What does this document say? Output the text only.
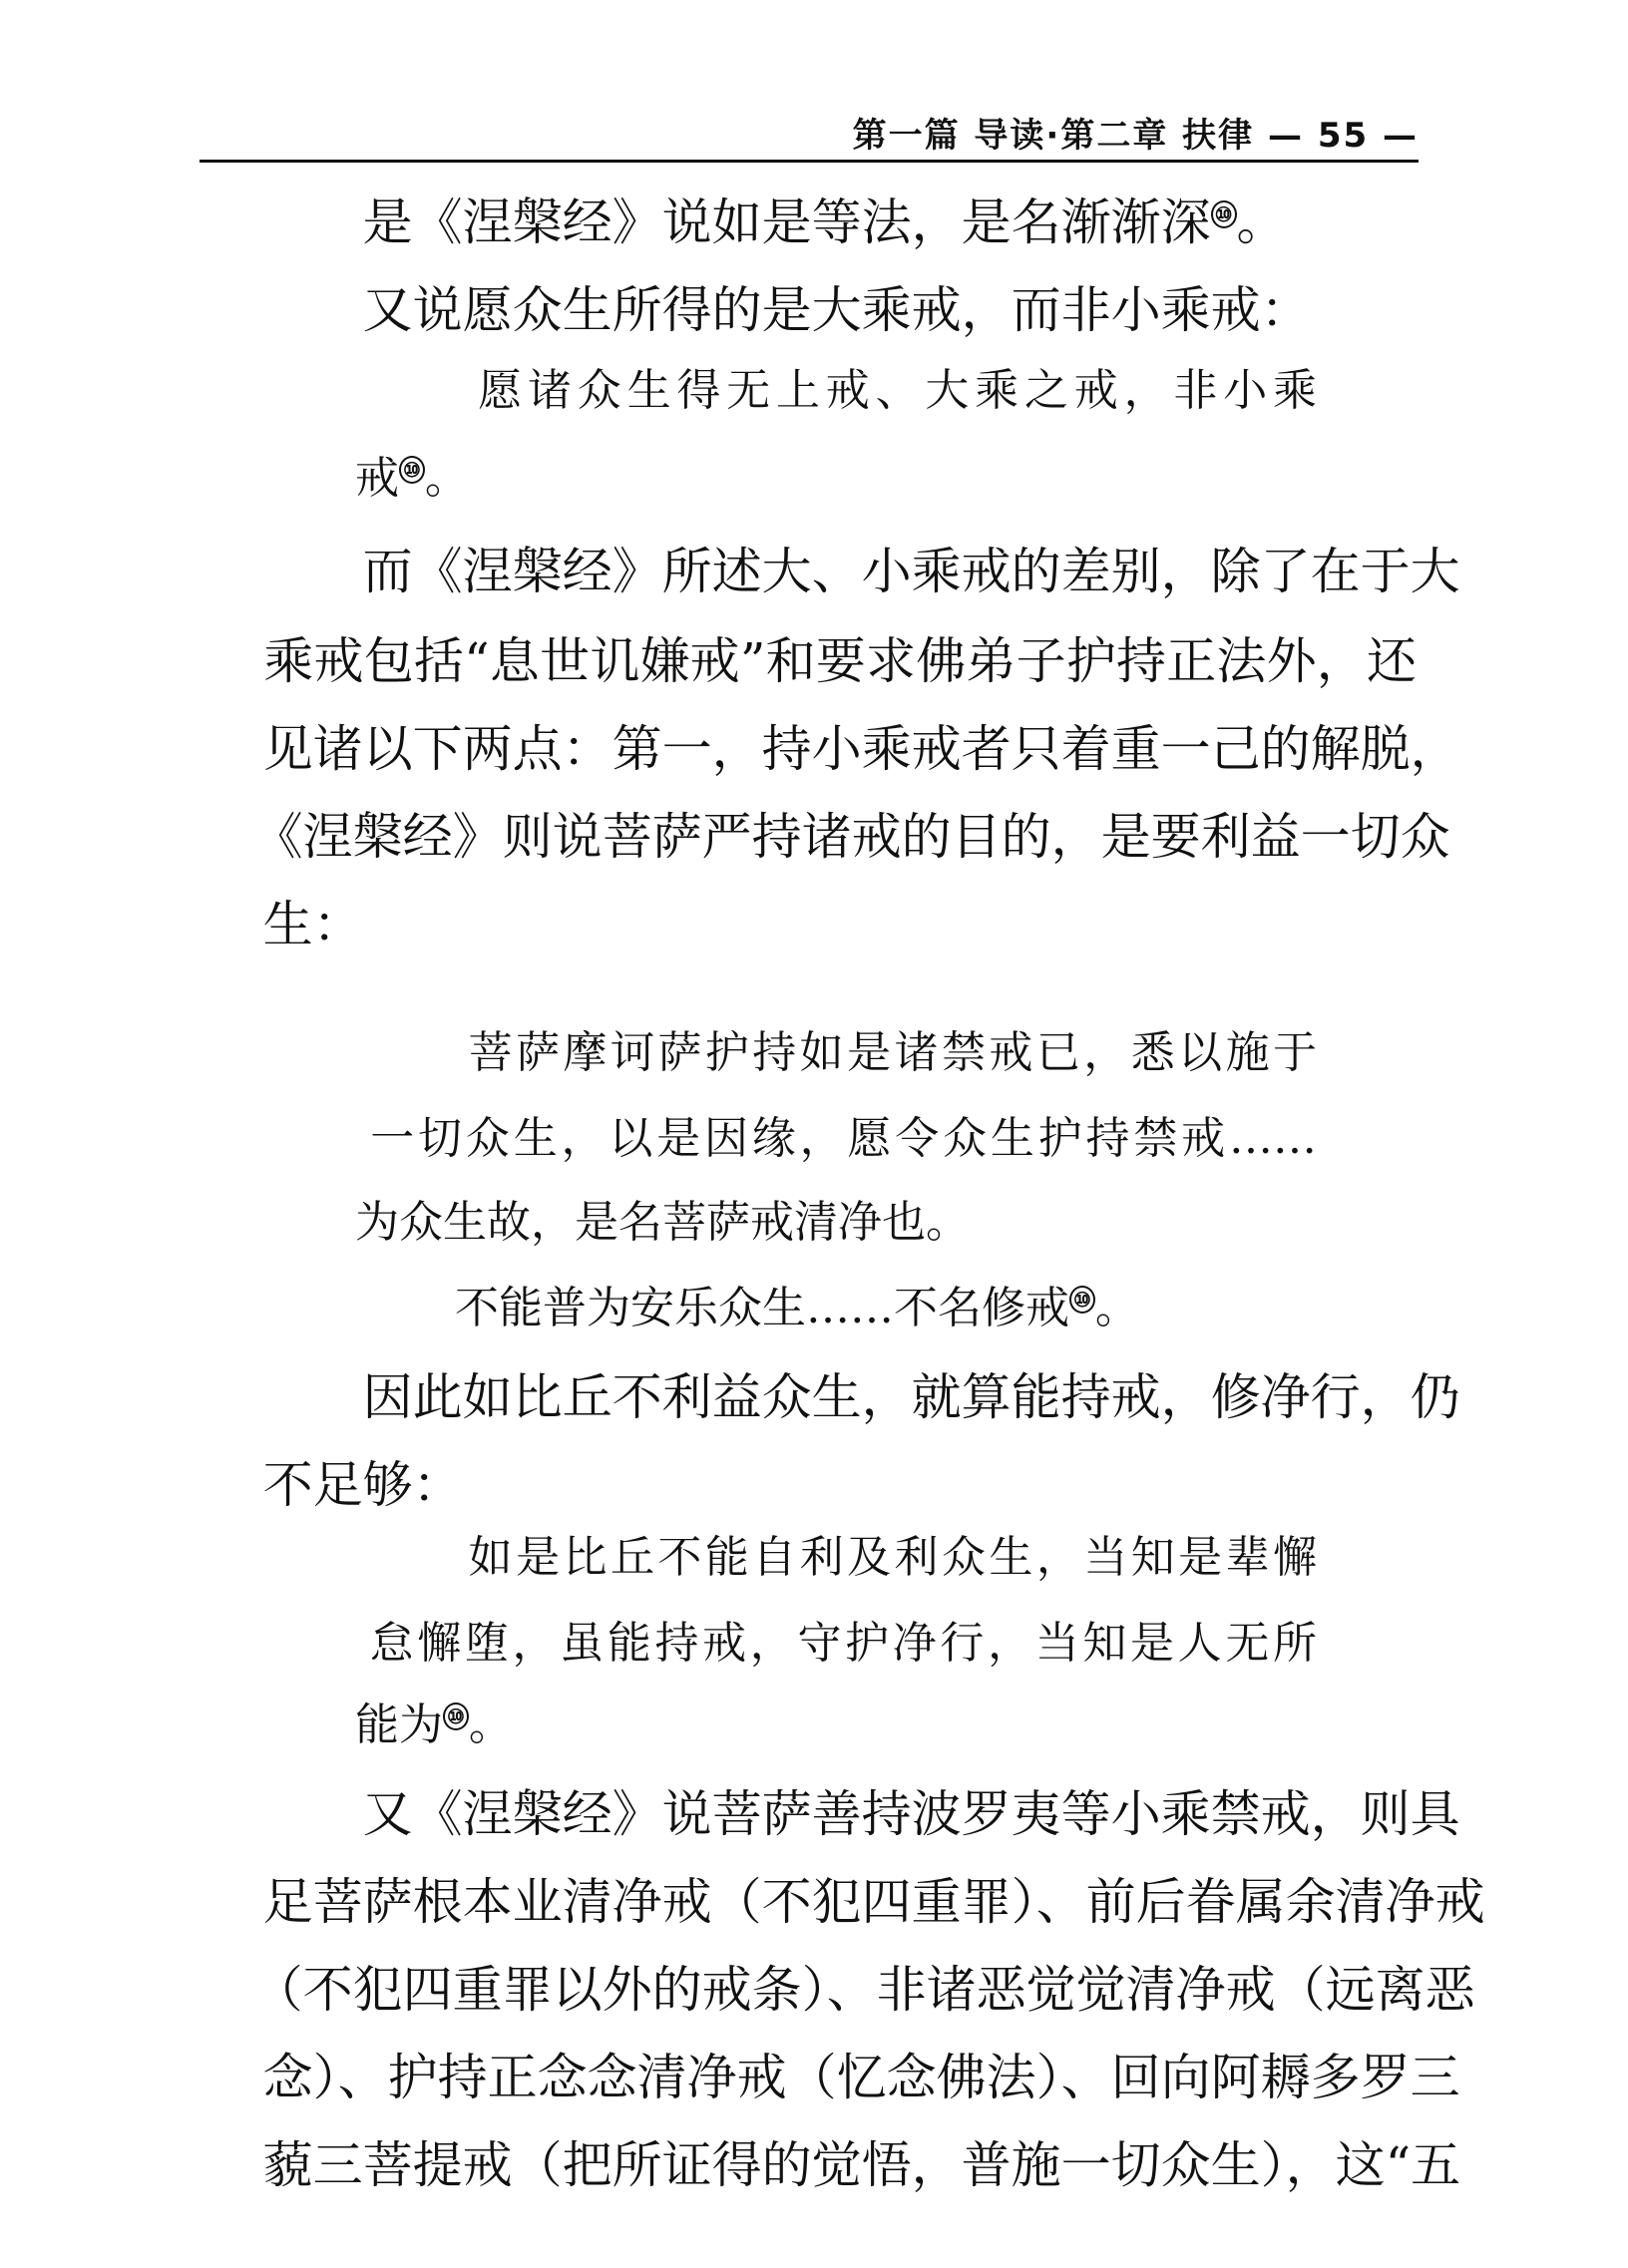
第一篇 导读·第二章 扶律 — 55 —

是《涅槃经》说如是等法，是名渐渐深 ⑩。

又说愿众生所得的是大乘戒，而非小乘戒：

愿诸众生得无上戒、大乘之戒，非小乘

戒 ⑩。

而《涅槃经》所述大、小乘戒的差别，除了在于大

乘戒包括“息世讥嫌戒”和要求佛弟子护持正法外，还

见诸以下两点：第一，持小乘戒者只着重一己的解脱，

《涅槃经》则说菩萨严持诸戒的目的，是要利益一切众

生：

菩萨摩诃萨护持如是诸禁戒已，悉以施于

一切众生，以是因缘，愿令众生护持禁戒……

为众生故，是名菩萨戒清净也。

不能普为安乐众生……不名修戒 ⑩。

因此如比丘不利益众生，就算能持戒，修净行，仍

不足够：

如是比丘不能自利及利众生，当知是辈懈

怠懈堕，虽能持戒，守护净行，当知是人无所

能为 ⑩。

又《涅槃经》说菩萨善持波罗夷等小乘禁戒，则具

足菩萨根本业清净戒（不犯四重罪）、前后眷属余清净戒

（不犯四重罪以外的戒条）、非诸恶觉觉清净戒（远离恶

念）、护持正念念清净戒（忆念佛法）、回向阿耨多罗三

藐三菩提戒（把所证得的觉悟，普施一切众生），这“五
